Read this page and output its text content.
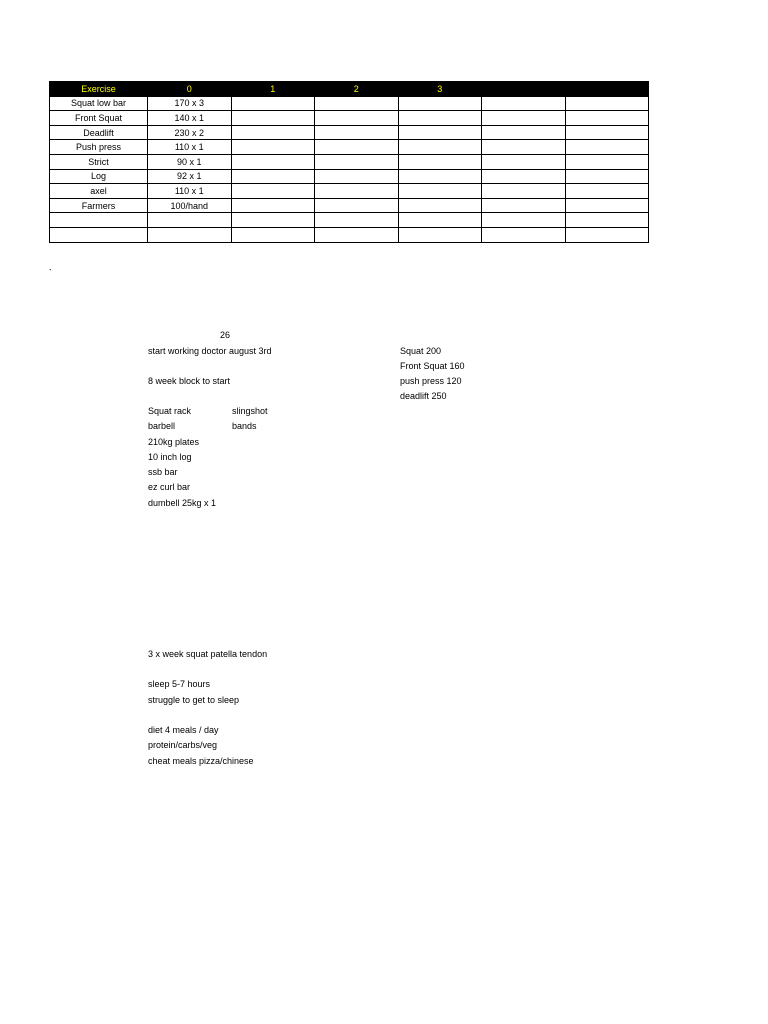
Exercise	0	1	2	3		
Squat low bar	170 x 3					
Front Squat	140 x 1					
Deadlift	230 x 2					
Push press	110 x 1					
Strict	90 x 1					
Log	92 x 1					
axel	110 x 1					
Farmers	100/hand					

`
26
start working doctor august 3rd
8 week block to start
Squat rack
barbell
210kg plates
10 inch log
ssb bar
ez curl bar
dumbell 25kg x 1
slingshot
bands
Squat 200
Front Squat 160
push press 120
deadlift 250
3 x week squat patella tendon
sleep 5-7 hours
struggle to get to sleep
diet 4 meals / day
protein/carbs/veg
cheat meals pizza/chinese
